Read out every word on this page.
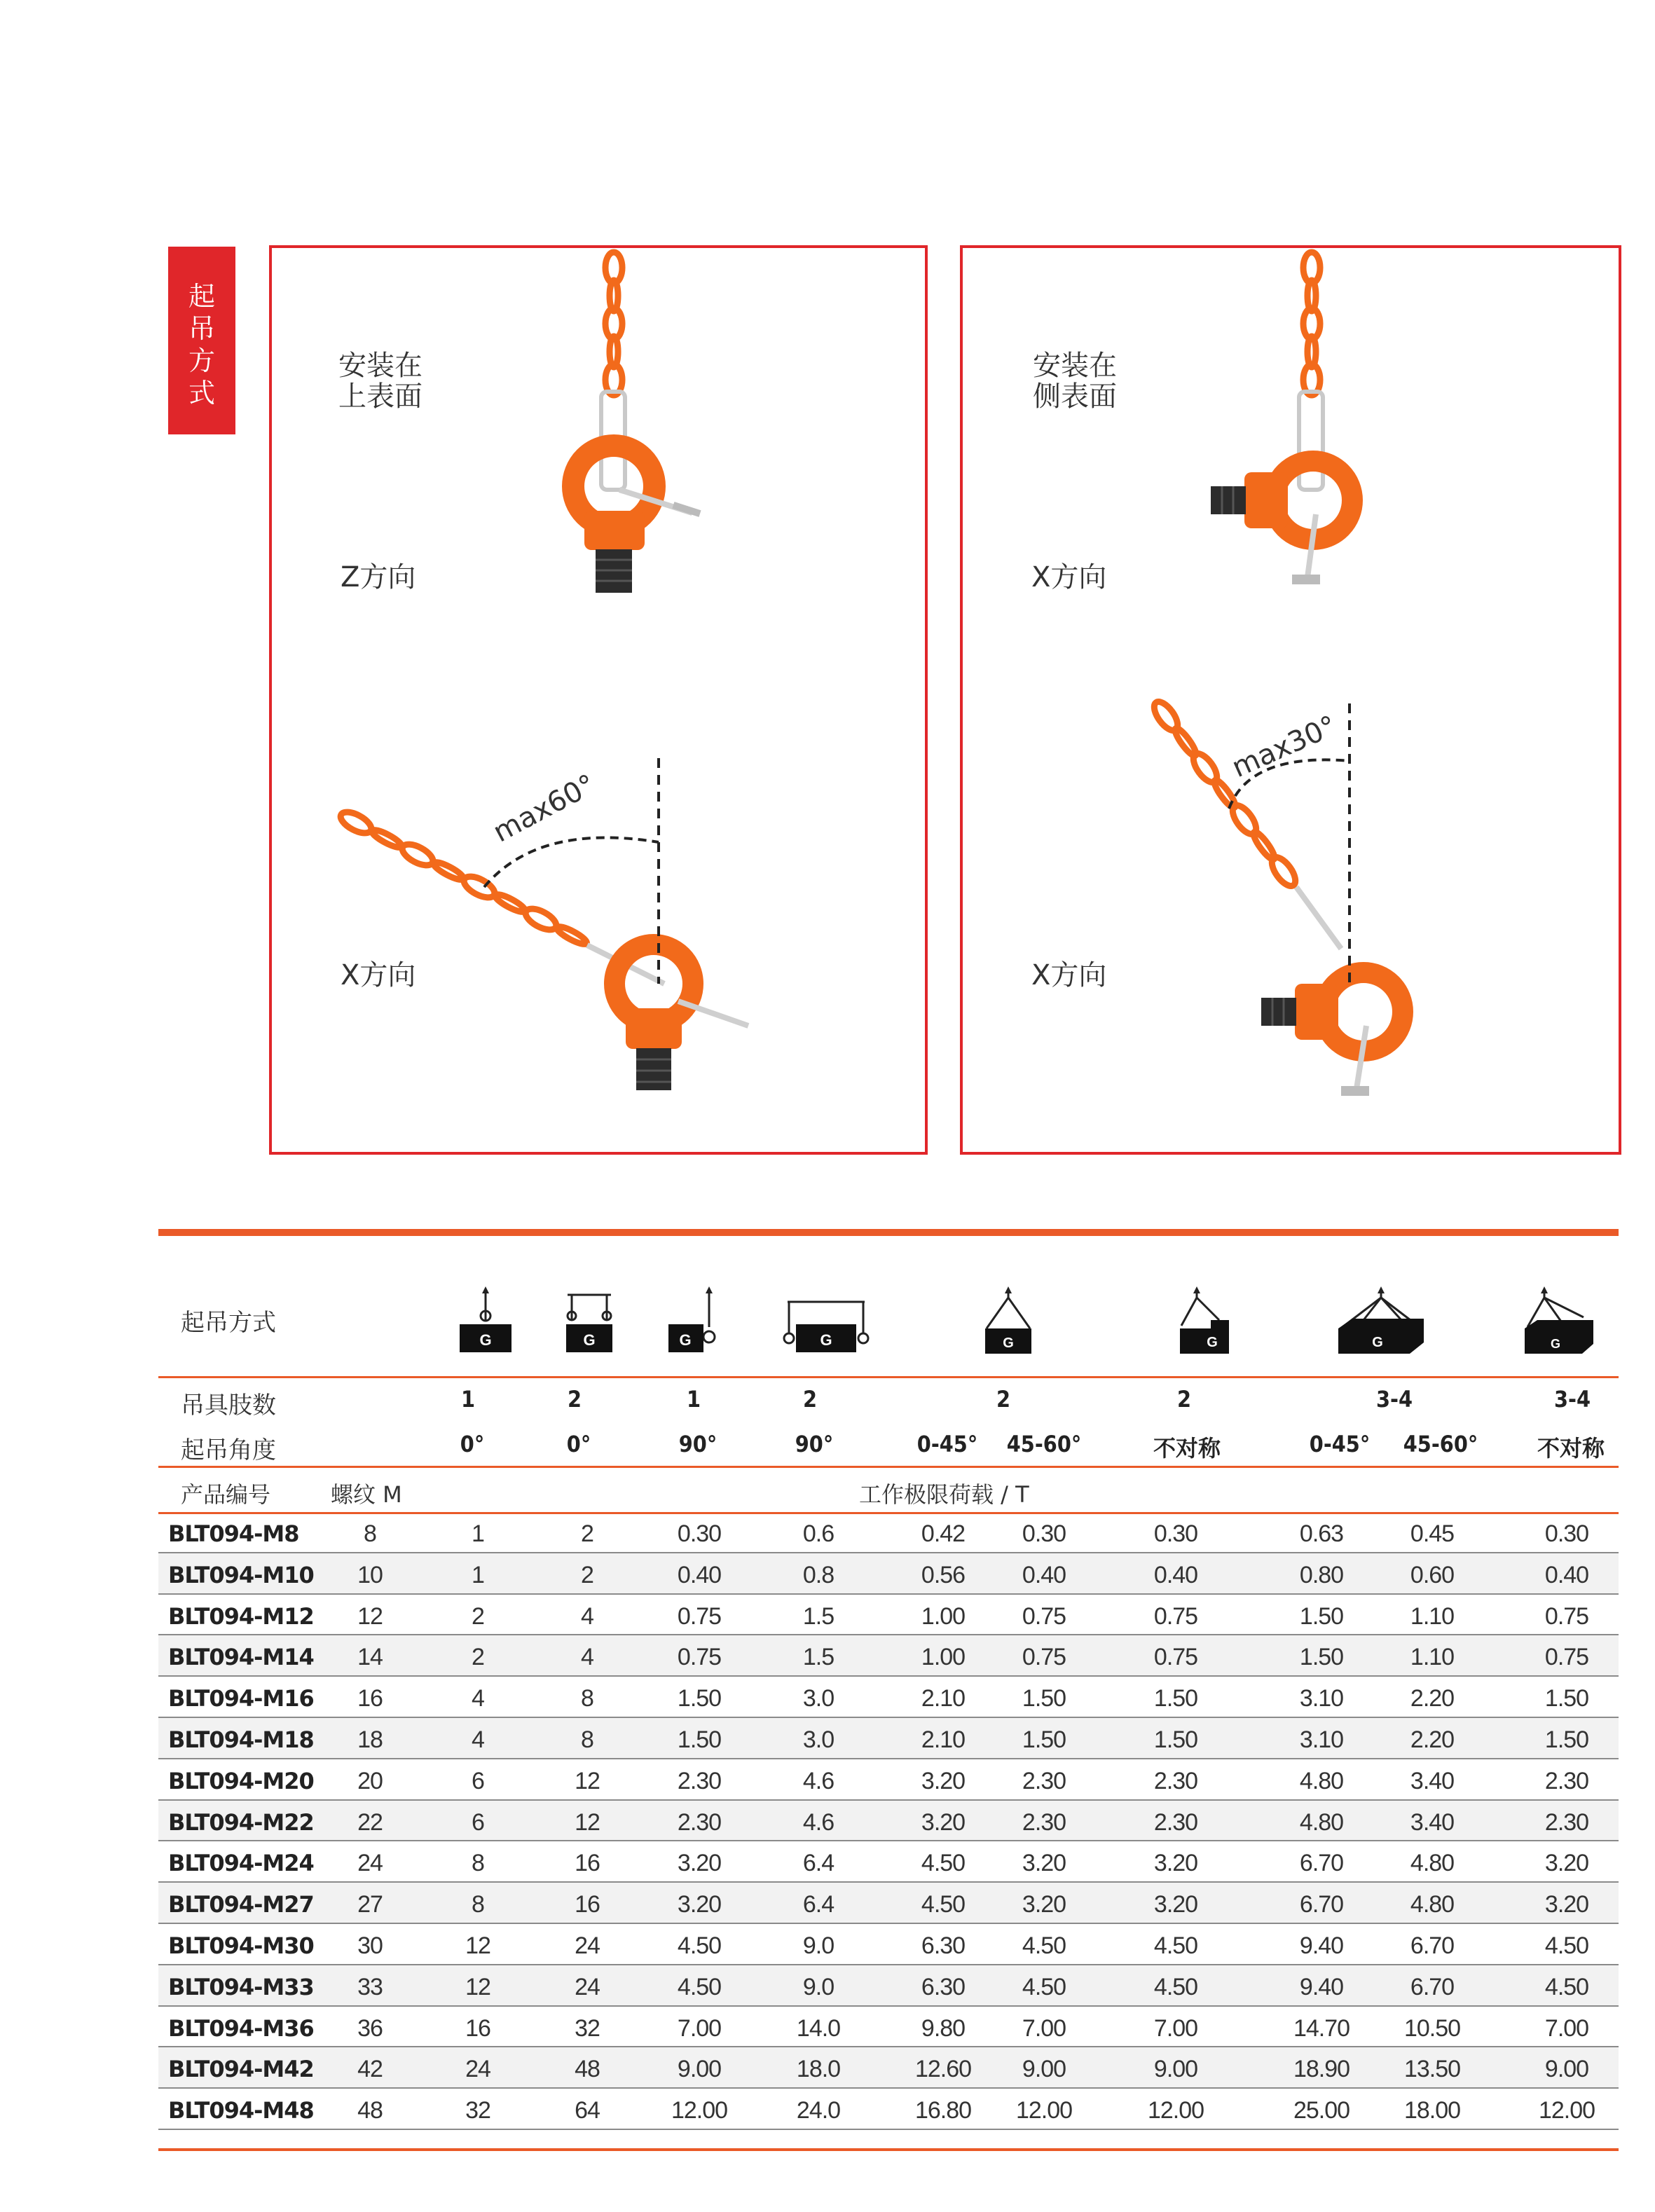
起吊方式
安装在
上表面
Z方向
X方向
max60°
安装在
侧表面
X方向
X方向
max30°
起吊方式
G	G	G	G	G	G	G	G
吊具肢数	1	2	1	2	2	2	3-4	3-4
起吊角度	0°	0°	90°	90°	0-45° 45-60°	不对称	0-45° 45-60°	不对称
产品编号	螺纹 M	工作极限荷载 / T
BLT094-M8	8	1	2	0.30	0.6	0.42 0.30	0.30	0.63	0.45	0.30
BLT094-M10 10	1	2	0.40	0.8	0.56 0.40	0.40	0.80	0.60	0.40
BLT094-M12 12	2	4	0.75	1.5	1.00 0.75	0.75	1.50	1.10	0.75
BLT094-M14 14	2	4	0.75	1.5	1.00 0.75	0.75	1.50	1.10	0.75
BLT094-M16 16	4	8	1.50	3.0	2.10 1.50	1.50	3.10	2.20	1.50
BLT094-M18 18	4	8	1.50	3.0	2.10 1.50	1.50	3.10	2.20	1.50
BLT094-M20 20	6	12	2.30	4.6	3.20 2.30	2.30	4.80	3.40	2.30
BLT094-M22 22	6	12	2.30	4.6	3.20 2.30	2.30	4.80	3.40	2.30
BLT094-M24 24	8	16	3.20	6.4	4.50 3.20	3.20	6.70	4.80	3.20
BLT094-M27 27	8	16	3.20	6.4	4.50 3.20	3.20	6.70	4.80	3.20
BLT094-M30 30	12	24	4.50	9.0	6.30 4.50	4.50	9.40	6.70	4.50
BLT094-M33 33	12	24	4.50	9.0	6.30 4.50	4.50	9.40	6.70	4.50
BLT094-M36 36	16	32	7.00	14.0	9.80 7.00	7.00	14.70 10.50	7.00
BLT094-M42 42	24	48	9.00	18.0	12.60 9.00	9.00	18.90 13.50	9.00
BLT094-M48 48	32	64	12.00	24.0	16.80 12.00	12.00	25.00 18.00	12.00
